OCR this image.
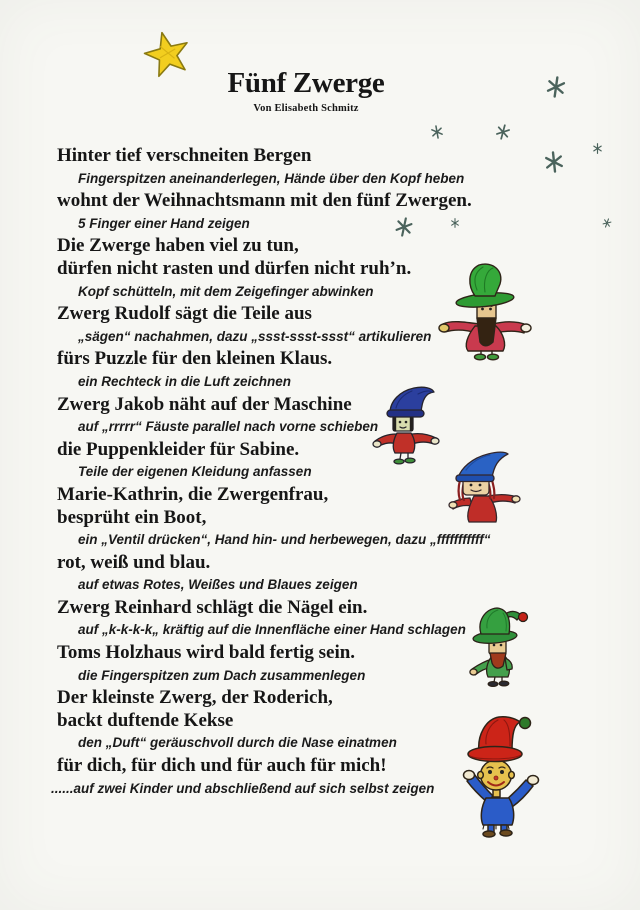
Fünf Zwerge
Von Elisabeth Schmitz
Hinter tief verschneiten Bergen
Fingerspitzen aneinanderlegen, Hände über den Kopf heben
wohnt der Weihnachtsmann mit den fünf Zwergen.
5 Finger einer Hand zeigen
Die Zwerge haben viel zu tun,
dürfen nicht rasten und dürfen nicht ruh’n.
Kopf schütteln, mit dem Zeigefinger abwinken
Zwerg Rudolf sägt die Teile aus
„sägen“ nachahmen, dazu „ssst-ssst-ssst“ artikulieren
fürs Puzzle für den kleinen Klaus.
ein Rechteck in die Luft zeichnen
Zwerg Jakob näht auf der Maschine
auf „rrrrr“ Fäuste parallel nach vorne schieben
die Puppenkleider für Sabine.
Teile der eigenen Kleidung anfassen
Marie-Kathrin, die Zwergenfrau,
besprüht ein Boot,
ein „Ventil drücken“, Hand hin- und herbewegen, dazu „fffffffffff“
rot, weiß und blau.
auf etwas Rotes, Weißes und Blaues zeigen
Zwerg Reinhard schlägt die Nägel ein.
auf „k-k-k-k„ kräftig auf die Innenfläche einer Hand schlagen
Toms Holzhaus wird bald fertig sein.
die Fingerspitzen zum Dach zusammenlegen
Der kleinste Zwerg, der Roderich,
backt duftende Kekse
den „Duft“ geräuschvoll durch die Nase einatmen
für dich, für dich und für auch für mich!
......auf zwei Kinder und abschließend auf sich selbst zeigen
